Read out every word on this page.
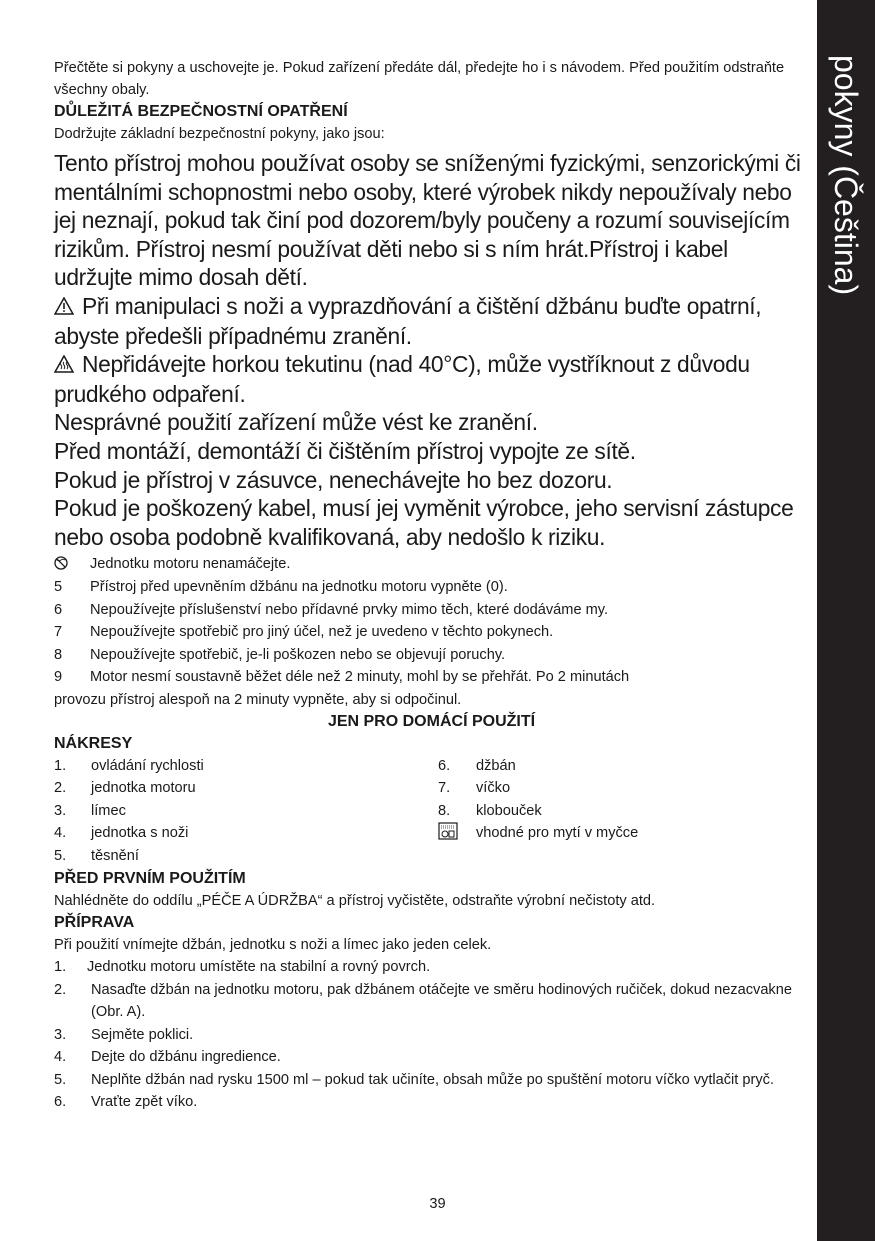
pokyny (Čeština)

Přečtěte si pokyny a uschovejte je. Pokud zařízení předáte dál, předejte ho i s návodem. Před použitím odstraňte všechny obaly.

DŮLEŽITÁ BEZPEČNOSTNÍ OPATŘENÍ

Dodržujte základní bezpečnostní pokyny, jako jsou:

Tento přístroj mohou používat osoby se sníženými fyzickými, senzorickými či mentálními schopnostmi nebo osoby, které výrobek nikdy nepoužívaly nebo jej neznají, pokud tak činí pod dozorem/byly poučeny a rozumí souvisejícím rizikům. Přístroj nesmí používat děti nebo si s ním hrát.Přístroj i kabel udržujte mimo dosah dětí.

Při manipulaci s noži a vyprazdňování a čištění džbánu buďte opatrní, abyste předešli případnému zranění.

Nepřidávejte horkou tekutinu (nad 40°C), může vystříknout z důvodu prudkého odpaření.

Nesprávné použití zařízení může vést ke zranění.

Před montáží, demontáží či čištěním přístroj vypojte ze sítě.

Pokud je přístroj v zásuvce, nenechávejte ho bez dozoru.

Pokud je poškozený kabel, musí jej vyměnit výrobce, jeho servisní zástupce nebo osoba podobně kvalifikovaná, aby nedošlo k riziku.

Jednotku motoru nenamáčejte.
5	Přístroj před upevněním džbánu na jednotku motoru vypněte (0).
6	Nepoužívejte příslušenství nebo přídavné prvky mimo těch, které dodáváme my.
7	Nepoužívejte spotřebič pro jiný účel, než je uvedeno v těchto pokynech.
8	Nepoužívejte spotřebič, je-li poškozen nebo se objevují poruchy.
9	Motor nesmí soustavně běžet déle než 2 minuty, mohl by se přehřát. Po 2 minutách

provozu přístroj alespoň na 2 minuty vypněte, aby si odpočinul.

JEN PRO DOMÁCÍ POUŽITÍ

NÁKRESY

1.	ovládání rychlosti
2.	jednotka motoru
3.	límec
4.	jednotka s noži
5.	těsnění
6.	džbán
7.	víčko
8.	klobouček
vhodné pro mytí v myčce

PŘED PRVNÍM POUŽITÍM

Nahlédněte do oddílu „PÉČE A ÚDRŽBA“ a přístroj vyčistěte, odstraňte výrobní nečistoty atd.

PŘÍPRAVA

Při použití vnímejte džbán, jednotku s noži a límec jako jeden celek.

1.	Jednotku motoru umístěte na stabilní a rovný povrch.
2.	Nasaďte džbán na jednotku motoru, pak džbánem otáčejte ve směru hodinových ručiček, dokud nezacvakne (Obr. A).
3.	Sejměte poklici.
4.	Dejte do džbánu ingredience.
5.	Neplňte džbán nad rysku 1500 ml – pokud tak učiníte, obsah může po spuštění motoru víčko vytlačit pryč.
6.	Vraťte zpět víko.
39
